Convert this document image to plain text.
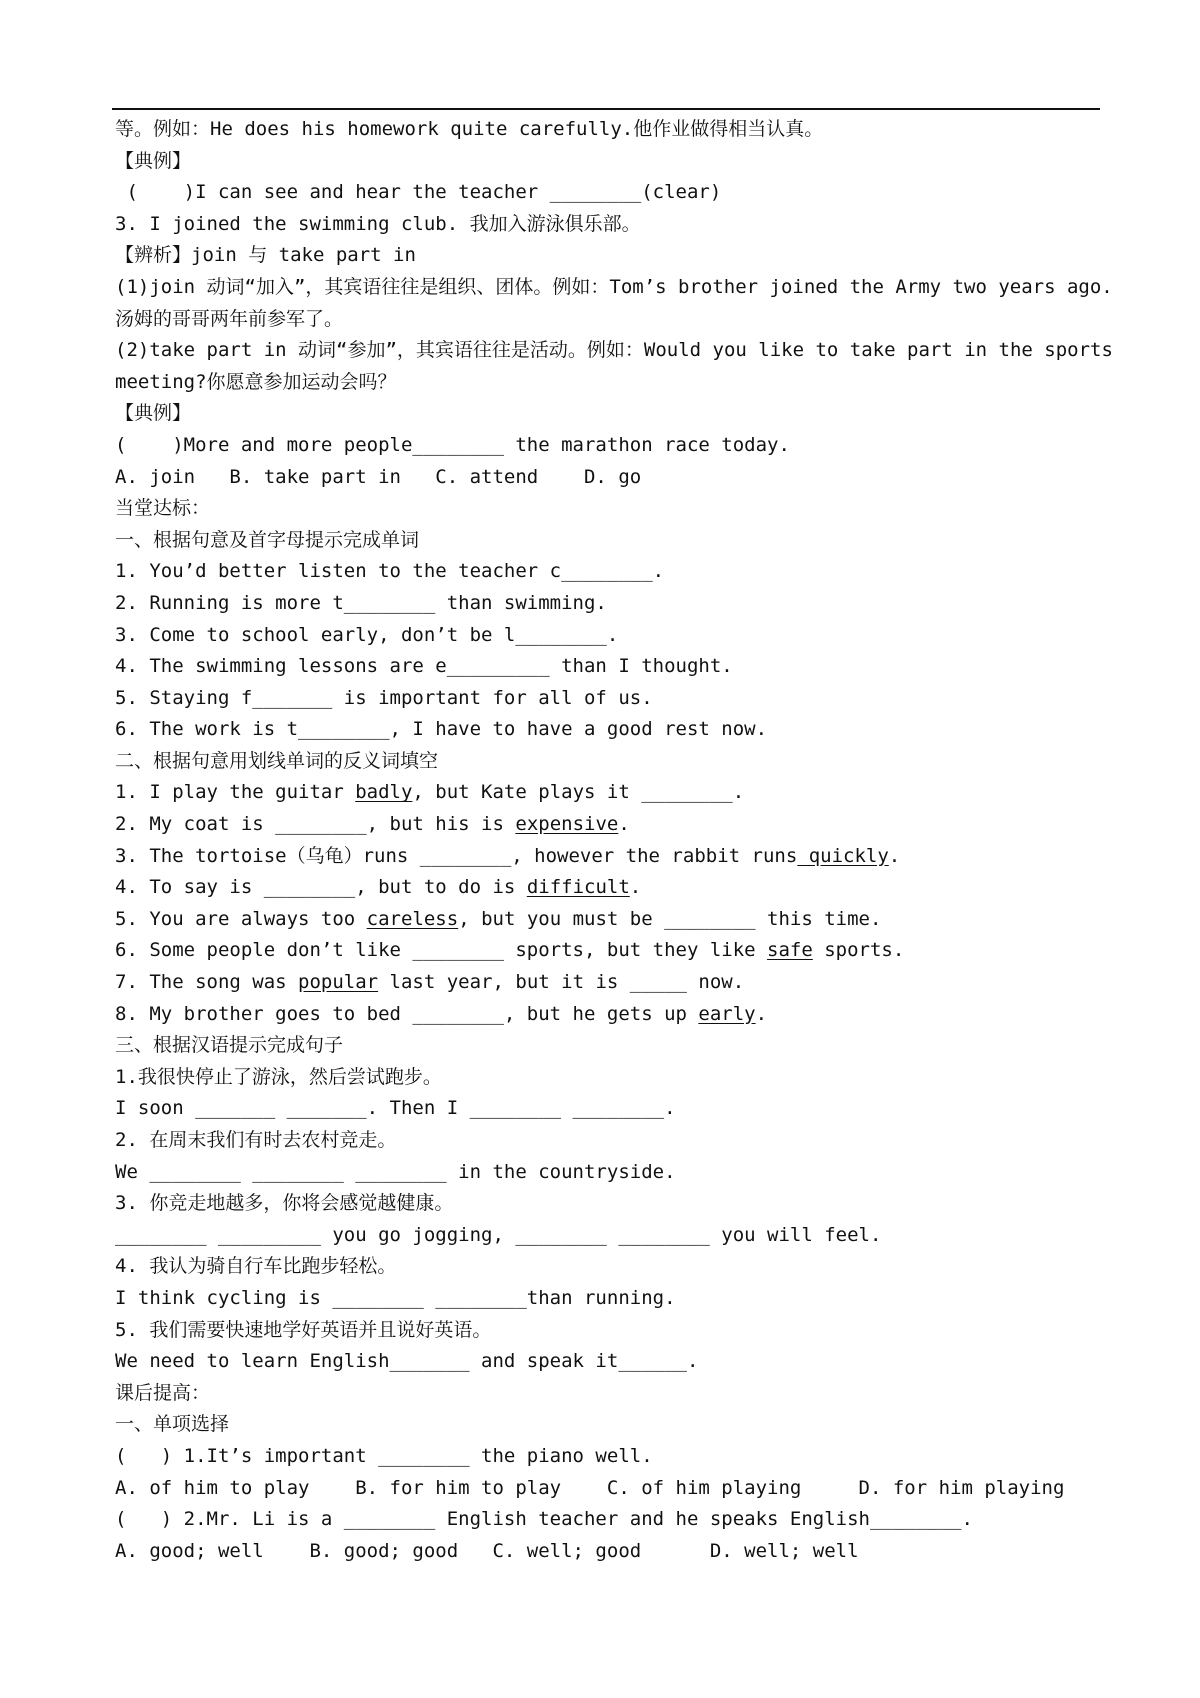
等。例如：He does his homework quite carefully.他作业做得相当认真。
【典例】
(    )I can see and hear the teacher ________(clear)
3. I joined the swimming club. 我加入游泳俱乐部。
【辨析】join 与 take part in
(1)join 动词“加入”，其宾语往往是组织、团体。例如：Tom’s brother joined the Army two years ago.
汤姆的哥哥两年前参军了。
(2)take part in 动词“参加”，其宾语往往是活动。例如：Would you like to take part in the sports
meeting?你愿意参加运动会吗？
【典例】
(    )More and more people________ the marathon race today.
A. join   B. take part in   C. attend    D. go
当堂达标：
一、根据句意及首字母提示完成单词
1. You’d better listen to the teacher c________.
2. Running is more t________ than swimming.
3. Come to school early, don’t be l________.
4. The swimming lessons are e_________ than I thought.
5. Staying f_______ is important for all of us.
6. The work is t________, I have to have a good rest now.
二、根据句意用划线单词的反义词填空
1. I play the guitar badly, but Kate plays it ________.
2. My coat is ________, but his is expensive.
3. The tortoise（乌龟）runs ________, however the rabbit runs quickly.
4. To say is ________, but to do is difficult.
5. You are always too careless, but you must be ________ this time.
6. Some people don’t like ________ sports, but they like safe sports.
7. The song was popular last year, but it is _____ now.
8. My brother goes to bed ________, but he gets up early.
三、根据汉语提示完成句子
1.我很快停止了游泳，然后尝试跑步。
I soon _______ _______. Then I ________ ________.
2. 在周末我们有时去农村竞走。
We ________ ________ ________ in the countryside.
3. 你竞走地越多，你将会感觉越健康。
________ _________ you go jogging, ________ ________ you will feel.
4. 我认为骑自行车比跑步轻松。
I think cycling is ________ ________than running.
5. 我们需要快速地学好英语并且说好英语。
We need to learn English_______ and speak it______.
课后提高：
一、单项选择
(   ) 1.It’s important ________ the piano well.
A. of him to play    B. for him to play    C. of him playing     D. for him playing
(   ) 2.Mr. Li is a ________ English teacher and he speaks English________.
A. good; well    B. good; good   C. well; good      D. well; well
